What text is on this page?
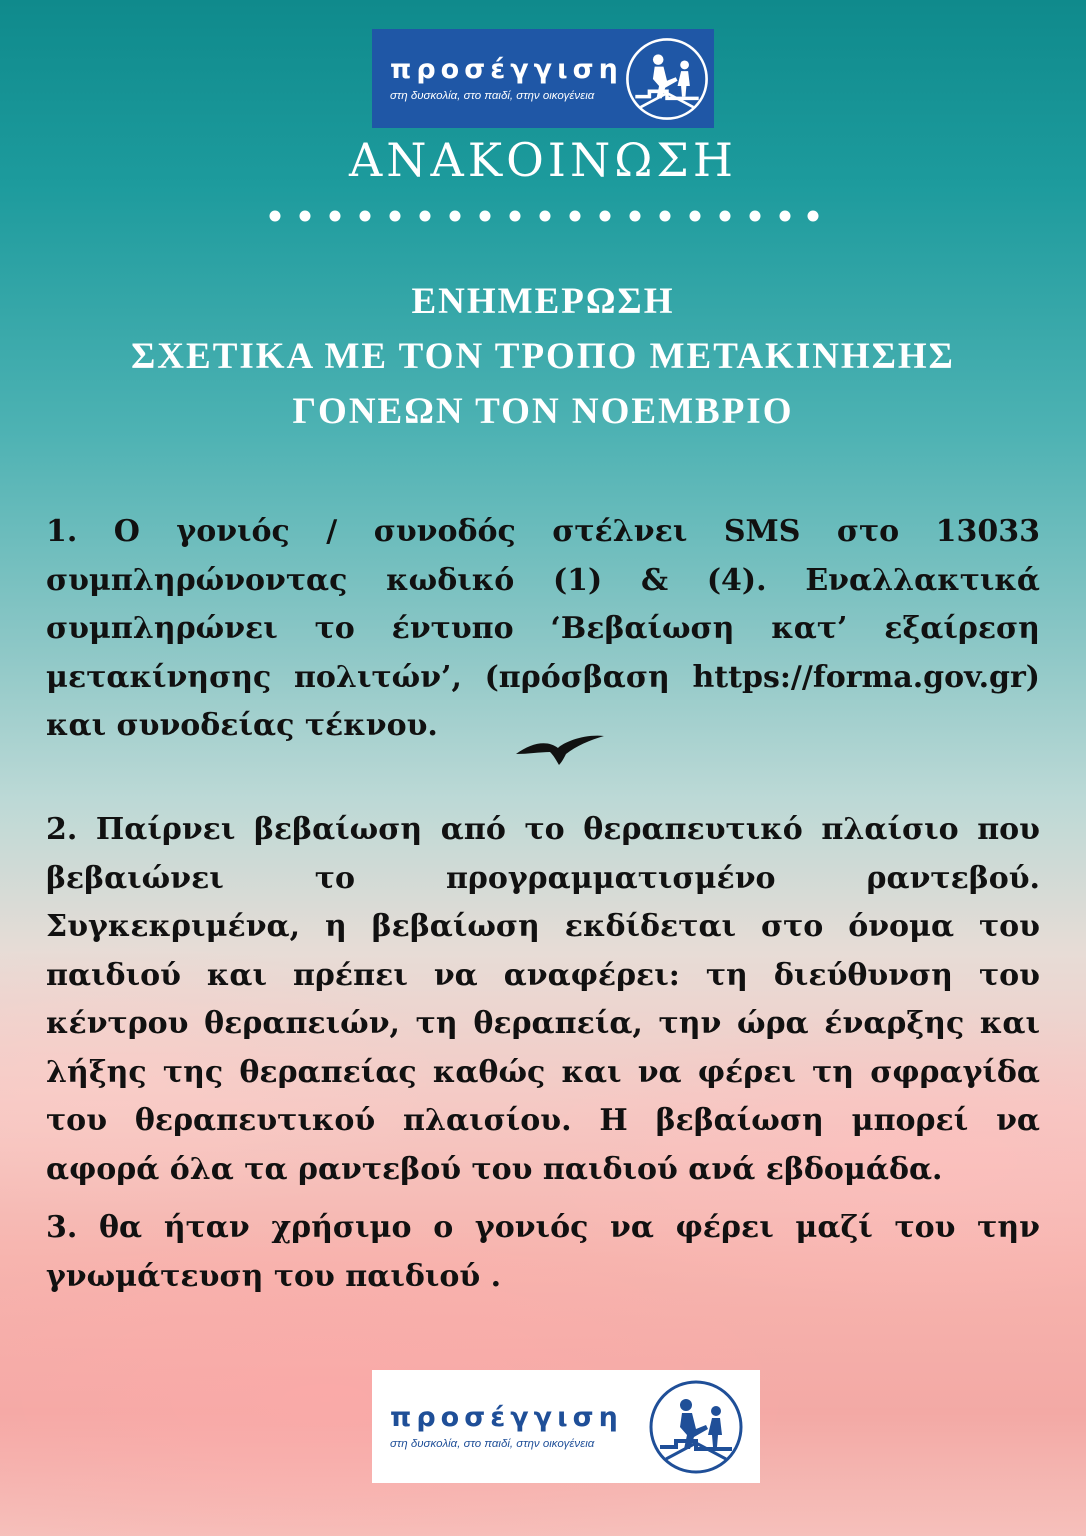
προσέγγιση
στη δυσκολία, στο παιδί, στην οικογένεια
ΑΝΑΚΟΙΝΩΣΗ
ΕΝΗΜΕΡΩΣΗ
ΣΧΕΤΙΚΑ ΜΕ ΤΟΝ ΤΡΟΠΟ ΜΕΤΑΚΙΝΗΣΗΣ
ΓΟΝΕΩΝ ΤΟΝ ΝΟΕΜΒΡΙΟ

1. Ο γονιός / συνοδός στέλνει SMS στο 13033 συμπληρώνοντας κωδικό (1) & (4). Εναλλακτικά συμπληρώνει το έντυπο ‘Βεβαίωση κατ’ εξαίρεση μετακίνησης πολιτών’, (πρόσβαση https://forma.gov.gr) και συνοδείας τέκνου.

2. Παίρνει βεβαίωση από το θεραπευτικό πλαίσιο που βεβαιώνει το προγραμματισμένο ραντεβού. Συγκεκριμένα, η βεβαίωση εκδίδεται στο όνομα του παιδιού και πρέπει να αναφέρει: τη διεύθυνση του κέντρου θεραπειών, τη θεραπεία, την ώρα έναρξης και λήξης της θεραπείας καθώς και να φέρει τη σφραγίδα του θεραπευτικού πλαισίου. Η βεβαίωση μπορεί να αφορά όλα τα ραντεβού του παιδιού ανά εβδομάδα.

3. θα ήταν χρήσιμο ο γονιός να φέρει μαζί του την γνωμάτευση του παιδιού .

προσέγγιση
στη δυσκολία, στο παιδί, στην οικογένεια
